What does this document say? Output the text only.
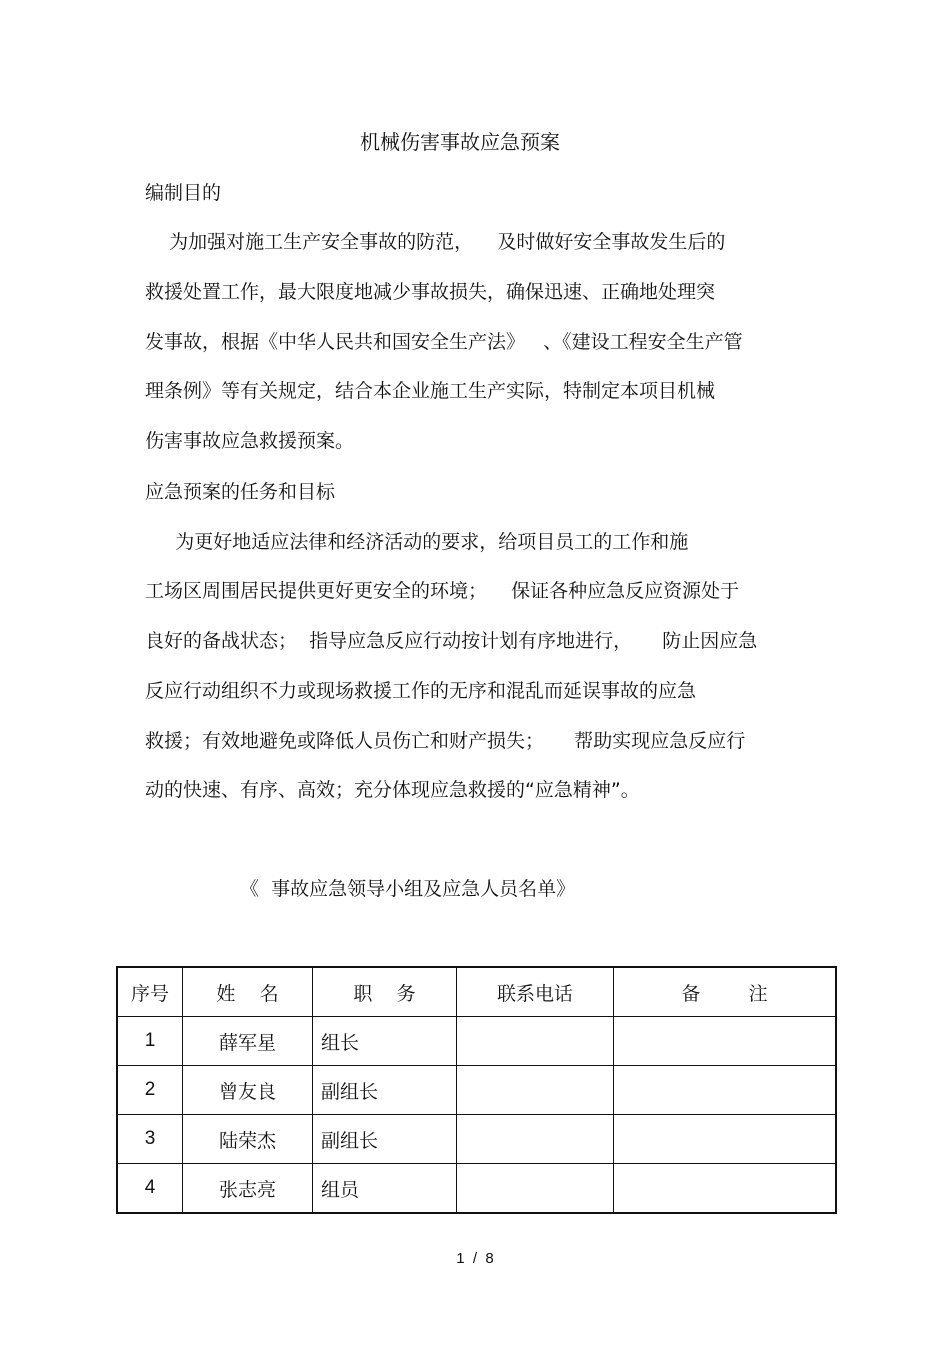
机械伤害事故应急预案
编制目的
为加强对施工生产安全事故的防范，    及时做好安全事故发生后的
救援处置工作，最大限度地减少事故损失，确保迅速、正确地处理突
发事故，根据《中华人民共和国安全生产法》   、《建设工程安全生产管
理条例》等有关规定，结合本企业施工生产实际，特制定本项目机械
伤害事故应急救援预案。
应急预案的任务和目标
为更好地适应法律和经济活动的要求，给项目员工的工作和施
工场区周围居民提供更好更安全的环境；    保证各种应急反应资源处于
良好的备战状态；  指导应急反应行动按计划有序地进行，     防止因应急
反应行动组织不力或现场救援工作的无序和混乱而延误事故的应急
救援；有效地避免或降低人员伤亡和财产损失；     帮助实现应急反应行
动的快速、有序、高效；充分体现应急救援的“应急精神”。
《  事故应急领导小组及应急人员名单》
序号	姓    名	职    务	联系电话	备        注
1	薛军星	组长		
2	曾友良	副组长		
3	陆荣杰	副组长		
4	张志亮	组员		
1  /  8
